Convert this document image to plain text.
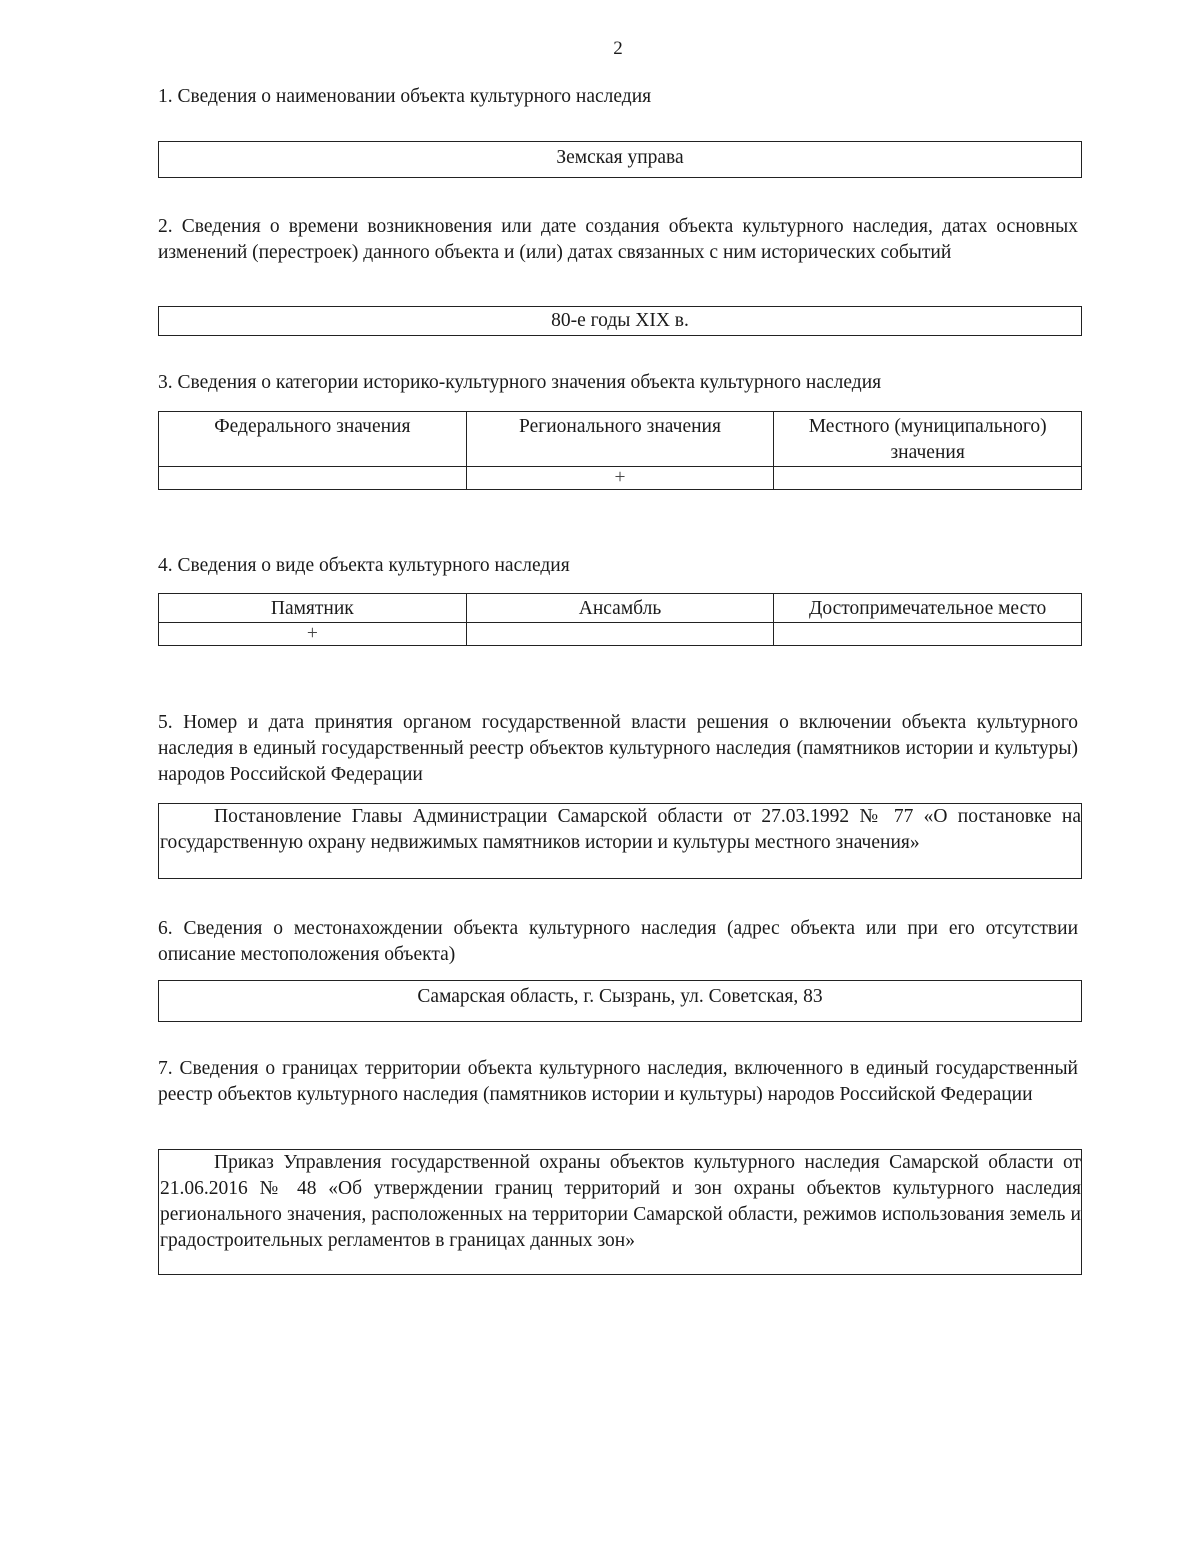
2
1. Сведения о наименовании объекта культурного наследия
Земская управа
2. Сведения о времени возникновения или дате создания объекта культурного наследия, датах основных изменений (перестроек) данного объекта и (или) датах связанных с ним исторических событий
80-е годы XIX в.
3. Сведения о категории историко-культурного значения объекта культурного наследия
Федерального значения	Регионального значения	Местного (муниципального) значения
	+	
4. Сведения о виде объекта культурного наследия
Памятник	Ансамбль	Достопримечательное место
+		
5. Номер и дата принятия органом государственной власти решения о включении объекта культурного наследия в единый государственный реестр объектов культурного наследия (памятников истории и культуры) народов Российской Федерации
Постановление Главы Администрации Самарской области от 27.03.1992 № 77 «О постановке на государственную охрану недвижимых памятников истории и культуры местного значения»
6. Сведения о местонахождении объекта культурного наследия (адрес объекта или при его отсутствии описание местоположения объекта)
Самарская область, г. Сызрань, ул. Советская, 83
7. Сведения о границах территории объекта культурного наследия, включенного в единый государственный реестр объектов культурного наследия (памятников истории и культуры) народов Российской Федерации
Приказ Управления государственной охраны объектов культурного наследия Самарской области от 21.06.2016 № 48 «Об утверждении границ территорий и зон охраны объектов культурного наследия регионального значения, расположенных на территории Самарской области, режимов использования земель и градостроительных регламентов в границах данных зон»
